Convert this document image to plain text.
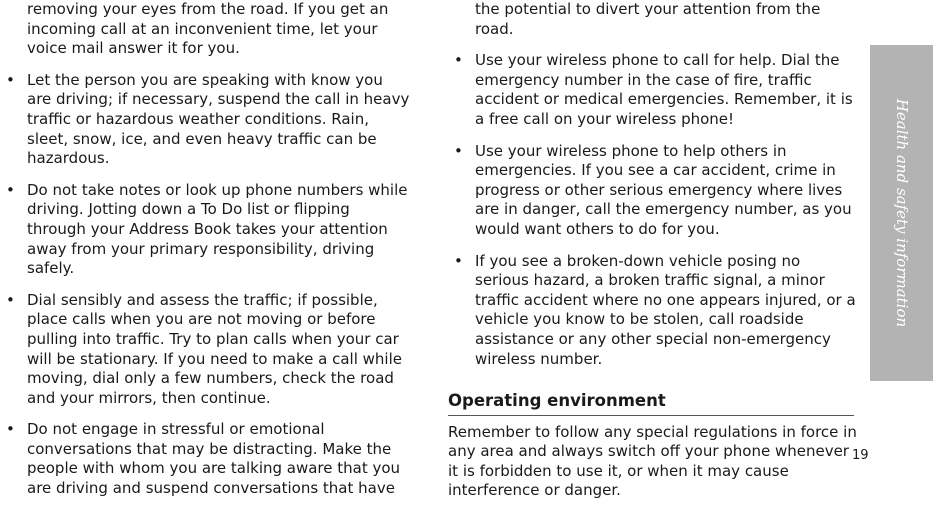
removing your eyes from the road. If you get an incoming call at an inconvenient time, let your voice mail answer it for you.

• Let the person you are speaking with know you are driving; if necessary, suspend the call in heavy traffic or hazardous weather conditions. Rain, sleet, snow, ice, and even heavy traffic can be hazardous.
• Do not take notes or look up phone numbers while driving. Jotting down a To Do list or flipping through your Address Book takes your attention away from your primary responsibility, driving safely.
• Dial sensibly and assess the traffic; if possible, place calls when you are not moving or before pulling into traffic. Try to plan calls when your car will be stationary. If you need to make a call while moving, dial only a few numbers, check the road and your mirrors, then continue.
• Do not engage in stressful or emotional conversations that may be distracting. Make the people with whom you are talking aware that you are driving and suspend conversations that have

the potential to divert your attention from the road.

• Use your wireless phone to call for help. Dial the emergency number in the case of fire, traffic accident or medical emergencies. Remember, it is a free call on your wireless phone!
• Use your wireless phone to help others in emergencies. If you see a car accident, crime in progress or other serious emergency where lives are in danger, call the emergency number, as you would want others to do for you.
• If you see a broken-down vehicle posing no serious hazard, a broken traffic signal, a minor traffic accident where no one appears injured, or a vehicle you know to be stolen, call roadside assistance or any other special non-emergency wireless number.
Operating environment

Remember to follow any special regulations in force in any area and always switch off your phone whenever it is forbidden to use it, or when it may cause interference or danger.

Health and safety information
19
